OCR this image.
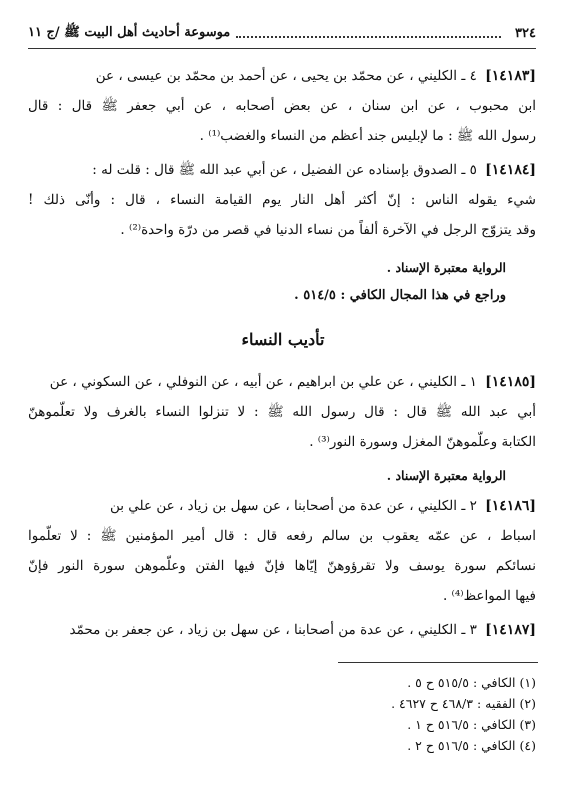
٣٢٤
موسوعة أحاديث أهل البيت ﷺ /ج ١١
[١٤١٨٣] ٤ ـ الكليني ، عن محمّد بن يحيى ، عن أحمد بن محمّد بن عيسى ، عن
ابن محبوب ، عن ابن سنان ، عن بعض أصحابه ، عن أبي جعفر ﷺ قال : قال
رسول الله ﷺ : ما لإبليس جند أعظم من النساء والغضب⁽¹⁾ .
[١٤١٨٤] ٥ ـ الصدوق بإسناده عن الفضيل ، عن أبي عبد الله ﷺ قال : قلت له :
شيء يقوله الناس : إنّ أكثر أهل النار يوم القيامة النساء ، قال : وأنّى ذلك !
وقد يتزوّج الرجل في الآخرة ألفاً من نساء الدنيا في قصر من درّة واحدة⁽²⁾ .
الرواية معتبرة الإسناد .
وراجع في هذا المجال الكافي : ٥١٤/٥ .
تأديب النساء
[١٤١٨٥] ١ ـ الكليني ، عن علي بن ابراهيم ، عن أبيه ، عن النوفلي ، عن السكوني ، عن
أبي عبد الله ﷺ قال : قال رسول الله ﷺ : لا تنزلوا النساء بالغرف ولا تعلّموهنّ
الكتابة وعلّموهنّ المغزل وسورة النور⁽³⁾ .
الرواية معتبرة الإسناد .
[١٤١٨٦] ٢ ـ الكليني ، عن عدة من أصحابنا ، عن سهل بن زياد ، عن علي بن
اسباط ، عن عمّه يعقوب بن سالم رفعه قال : قال أمير المؤمنين ﷺ : لا تعلّموا
نسائكم سورة يوسف ولا تقرؤوهنّ إيّاها فإنّ فيها الفتن وعلّموهن سورة النور فإنّ
فيها المواعظ⁽⁴⁾ .
[١٤١٨٧] ٣ ـ الكليني ، عن عدة من أصحابنا ، عن سهل بن زياد ، عن جعفر بن محمّد
(١) الكافي : ٥١٥/٥ ح ٥ .
(٢) الفقيه : ٤٦٨/٣ ح ٤٦٢٧ .
(٣) الكافي : ٥١٦/٥ ح ١ .
(٤) الكافي : ٥١٦/٥ ح ٢ .
